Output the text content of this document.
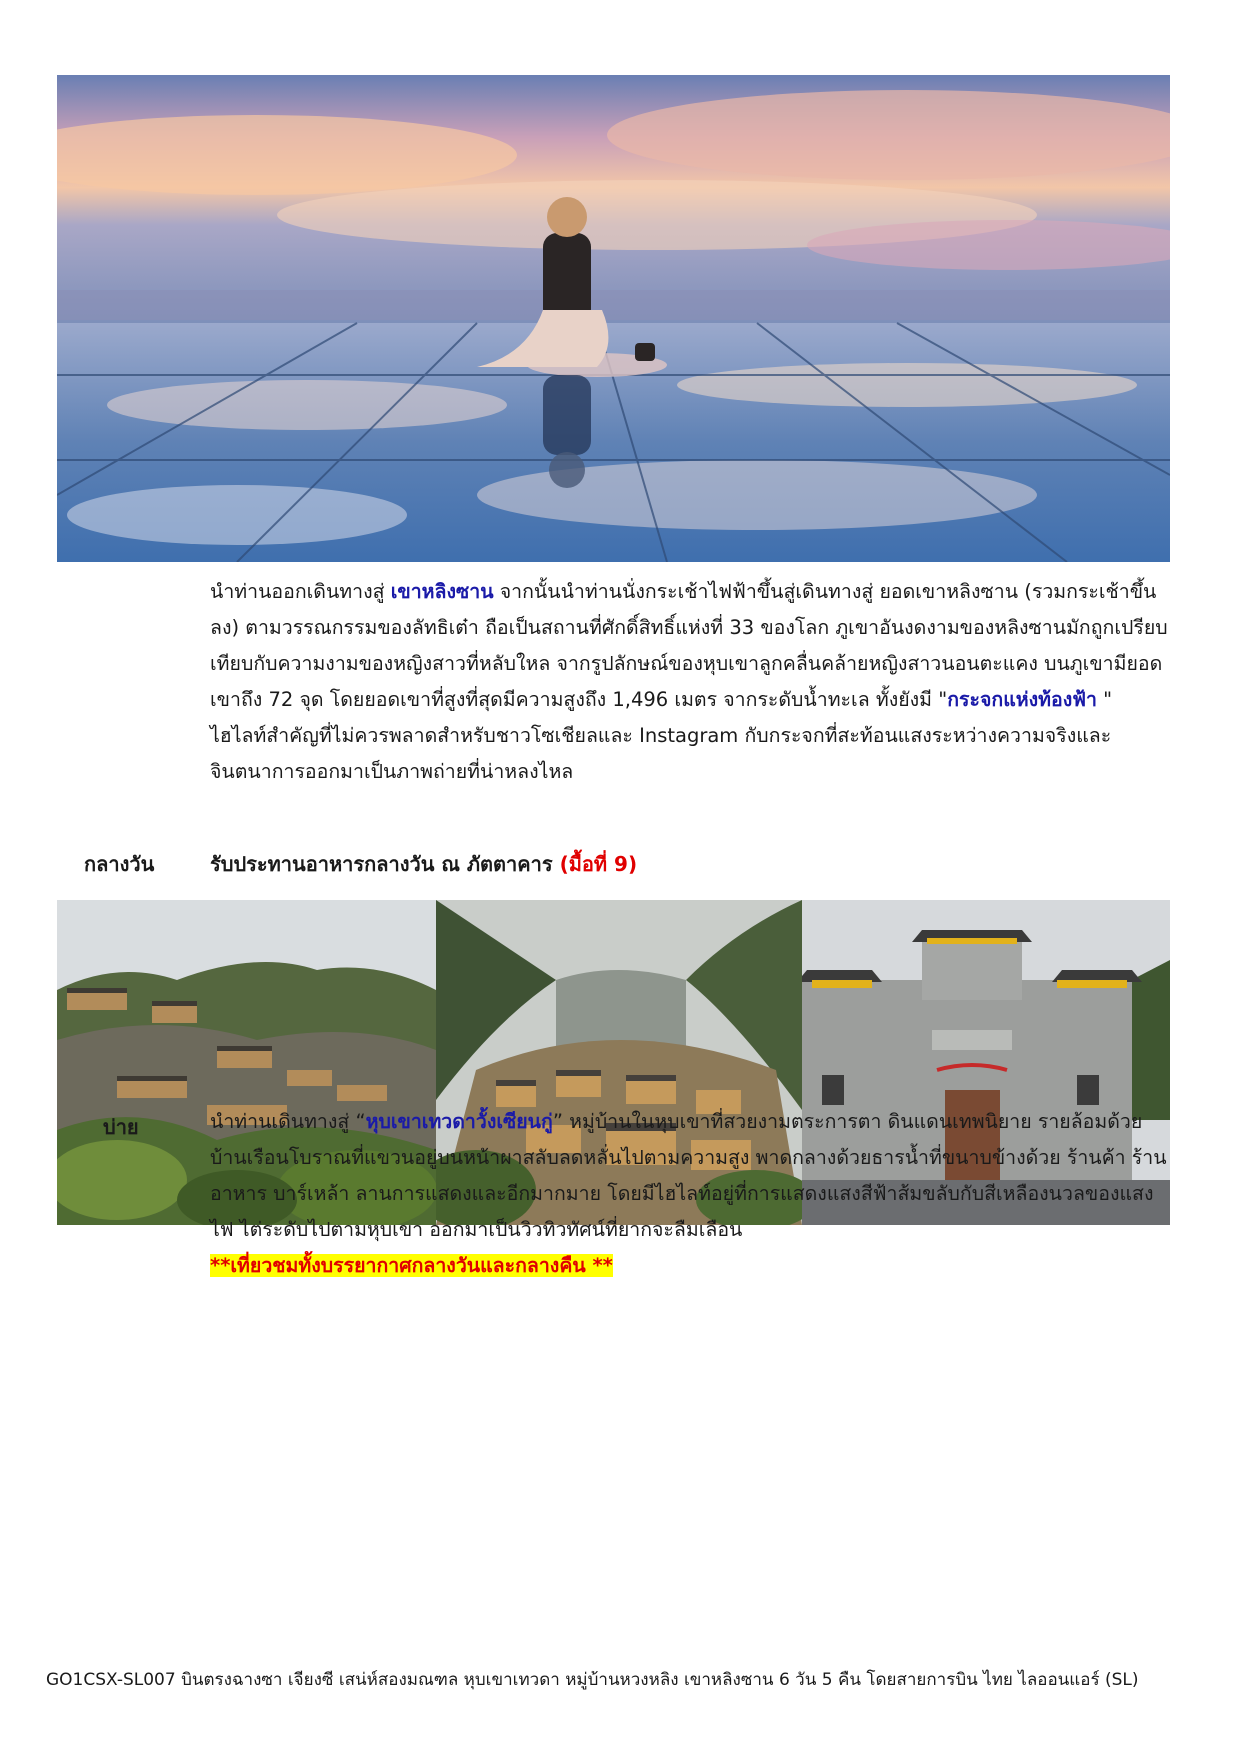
นำท่านออกเดินทางสู่ เขาหลิงซาน จากนั้นนำท่านนั่งกระเช้าไฟฟ้าขึ้นสู่เดินทางสู่ ยอดเขาหลิงซาน (รวมกระเช้าขึ้นลง) ตามวรรณกรรมของลัทธิเต๋า ถือเป็นสถานที่ศักดิ์สิทธิ์แห่งที่ 33 ของโลก ภูเขาอันงดงามของหลิงซานมักถูกเปรียบเทียบกับความงามของหญิงสาวที่หลับใหล จากรูปลักษณ์ของหุบเขาลูกคลื่นคล้ายหญิงสาวนอนตะแคง บนภูเขามียอดเขาถึง 72 จุด โดยยอดเขาที่สูงที่สุดมีความสูงถึง 1,496 เมตร จากระดับน้ำทะเล ทั้งยังมี "กระจกแห่งท้องฟ้า " ไฮไลท์สำคัญที่ไม่ควรพลาดสำหรับชาวโซเชียลและ Instagram กับกระจกที่สะท้อนแสงระหว่างความจริงและจินตนาการออกมาเป็นภาพถ่ายที่น่าหลงไหล

กลางวัน	รับประทานอาหารกลางวัน ณ ภัตตาคาร (มื้อที่ 9)
บ่าย	นำท่านเดินทางสู่ “หุบเขาเทวดาวั้งเซียนกู่” หมู่บ้านในหุบเขาที่สวยงามตระการตา ดินแดนเทพนิยาย รายล้อมด้วยบ้านเรือนโบราณที่แขวนอยู่บนหน้าผาสลับลดหลั่นไปตามความสูง พาดกลางด้วยธารน้ำที่ขนาบข้างด้วย ร้านค้า ร้านอาหาร บาร์เหล้า ลานการแสดงและอีกมากมาย โดยมีไฮไลท์อยู่ที่การแสดงแสงสีฟ้าส้มขลับกับสีเหลืองนวลของแสงไฟ ไต่ระดับไปตามหุบเขา ออกมาเป็นวิวทิวทัศน์ที่ยากจะลืมเลือน

**เที่ยวชมทั้งบรรยากาศกลางวันและกลางคืน **

GO1CSX-SL007 บินตรงฉางซา เจียงซี เสน่ห์สองมณฑล หุบเขาเทวดา หมู่บ้านหวงหลิง เขาหลิงซาน 6 วัน 5 คืน โดยสายการบิน ไทย ไลออนแอร์ (SL)
